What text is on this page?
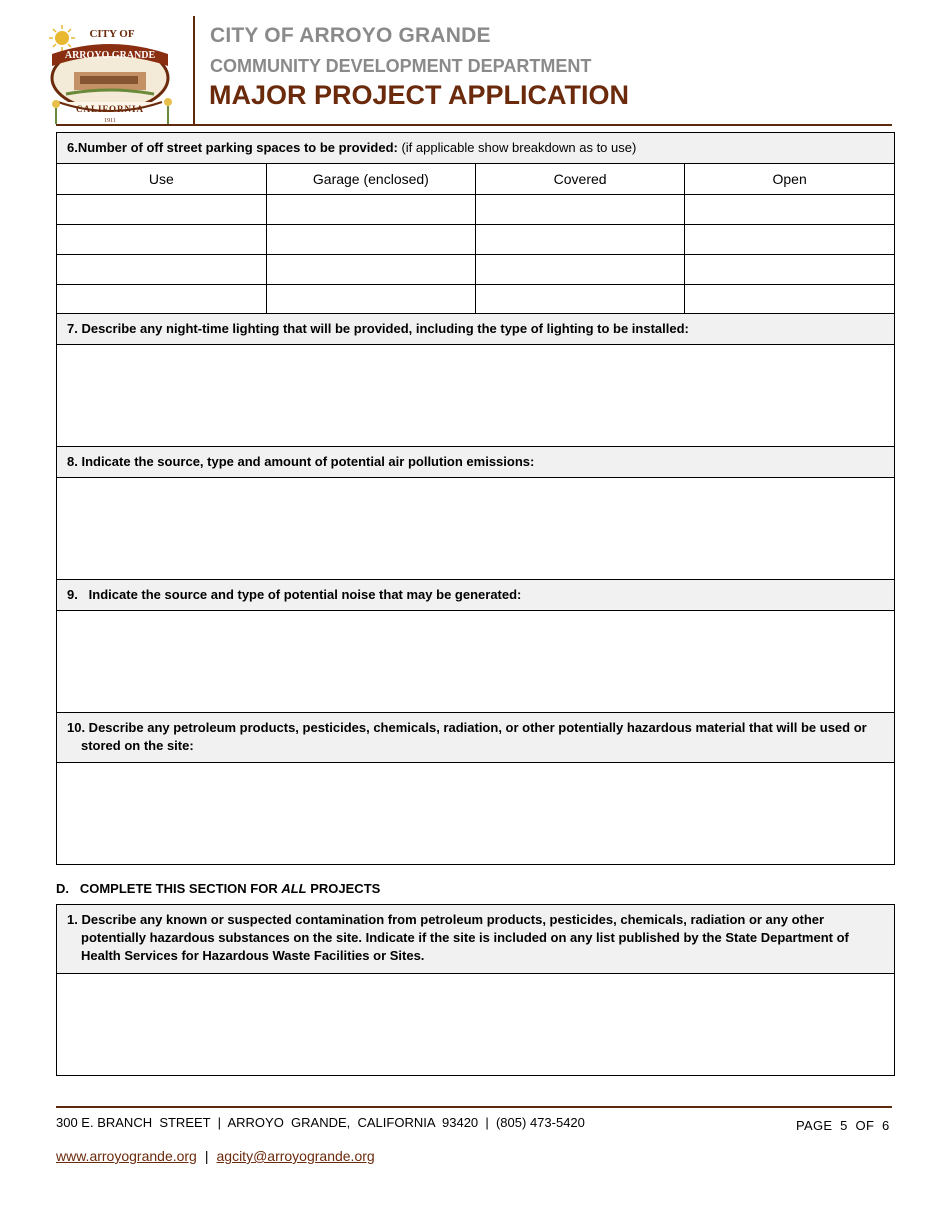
CITY OF
ARROYO GRANDE
CALIFORNIA
1911
CITY OF ARROYO GRANDE
COMMUNITY DEVELOPMENT DEPARTMENT
MAJOR PROJECT APPLICATION
6.Number of off street parking spaces to be provided: (if applicable show breakdown as to use)
Use	Garage (enclosed)	Covered	Open

7. Describe any night-time lighting that will be provided, including the type of lighting to be installed:
8. Indicate the source, type and amount of potential air pollution emissions:
9.   Indicate the source and type of potential noise that may be generated:
10. Describe any petroleum products, pesticides, chemicals, radiation, or other potentially hazardous material that will be used or stored on the site:
D.   COMPLETE THIS SECTION FOR ALL PROJECTS
1. Describe any known or suspected contamination from petroleum products, pesticides, chemicals, radiation or any other potentially hazardous substances on the site. Indicate if the site is included on any list published by the State Department of Health Services for Hazardous Waste Facilities or Sites.
300 E. BRANCH  STREET  |  ARROYO  GRANDE,  CALIFORNIA  93420  |  (805) 473-5420	PAGE  5  OF  6
www.arroyogrande.org | agcity@arroyogrande.org
